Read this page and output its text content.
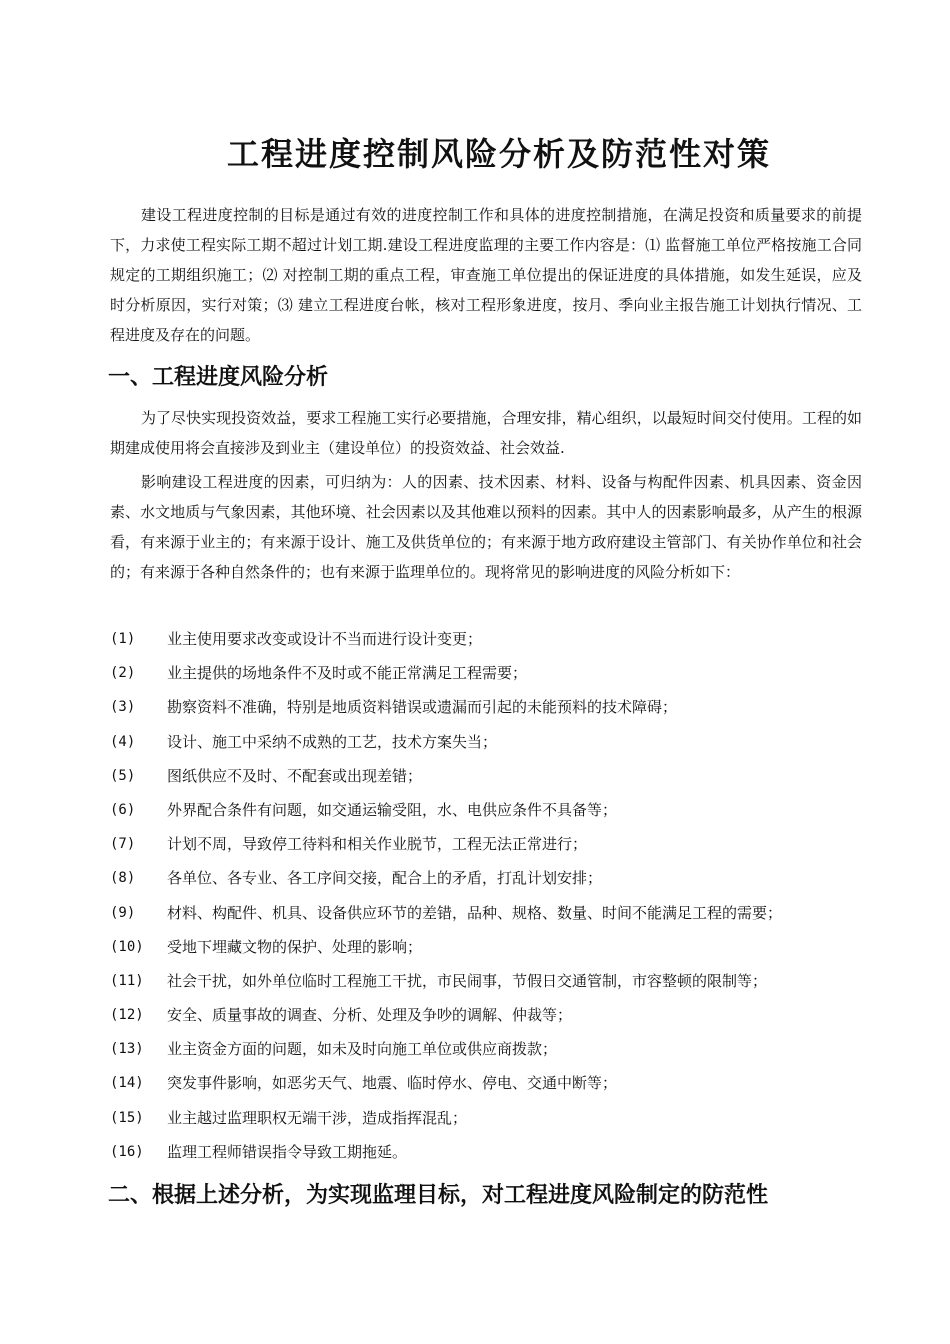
工程进度控制风险分析及防范性对策

建设工程进度控制的目标是通过有效的进度控制工作和具体的进度控制措施，在满足投资和质量要求的前提下，力求使工程实际工期不超过计划工期.建设工程进度监理的主要工作内容是：⑴ 监督施工单位严格按施工合同规定的工期组织施工；⑵ 对控制工期的重点工程，审查施工单位提出的保证进度的具体措施，如发生延误，应及时分析原因，实行对策；⑶ 建立工程进度台帐，核对工程形象进度，按月、季向业主报告施工计划执行情况、工程进度及存在的问题。

一、工程进度风险分析

为了尽快实现投资效益，要求工程施工实行必要措施，合理安排，精心组织，以最短时间交付使用。工程的如期建成使用将会直接涉及到业主（建设单位）的投资效益、社会效益.

影响建设工程进度的因素，可归纳为：人的因素、技术因素、材料、设备与构配件因素、机具因素、资金因素、水文地质与气象因素，其他环境、社会因素以及其他难以预料的因素。其中人的因素影响最多，从产生的根源看，有来源于业主的；有来源于设计、施工及供货单位的；有来源于地方政府建设主管部门、有关协作单位和社会的；有来源于各种自然条件的；也有来源于监理单位的。现将常见的影响进度的风险分析如下：

(1)	业主使用要求改变或设计不当而进行设计变更；
(2)	业主提供的场地条件不及时或不能正常满足工程需要；
(3)	勘察资料不准确，特别是地质资料错误或遗漏而引起的未能预料的技术障碍；
(4)	设计、施工中采纳不成熟的工艺，技术方案失当；
(5)	图纸供应不及时、不配套或出现差错；
(6)	外界配合条件有问题，如交通运输受阻，水、电供应条件不具备等；
(7)	计划不周，导致停工待料和相关作业脱节，工程无法正常进行；
(8)	各单位、各专业、各工序间交接，配合上的矛盾，打乱计划安排；
(9)	材料、构配件、机具、设备供应环节的差错，品种、规格、数量、时间不能满足工程的需要；
(10)	受地下埋藏文物的保护、处理的影响；
(11)	社会干扰，如外单位临时工程施工干扰，市民闹事，节假日交通管制，市容整顿的限制等；
(12)	安全、质量事故的调查、分析、处理及争吵的调解、仲裁等；
(13)	业主资金方面的问题，如未及时向施工单位或供应商拨款；
(14)	突发事件影响，如恶劣天气、地震、临时停水、停电、交通中断等；
(15)	业主越过监理职权无端干涉，造成指挥混乱；
(16)	监理工程师错误指令导致工期拖延。
二、根据上述分析，为实现监理目标，对工程进度风险制定的防范性
